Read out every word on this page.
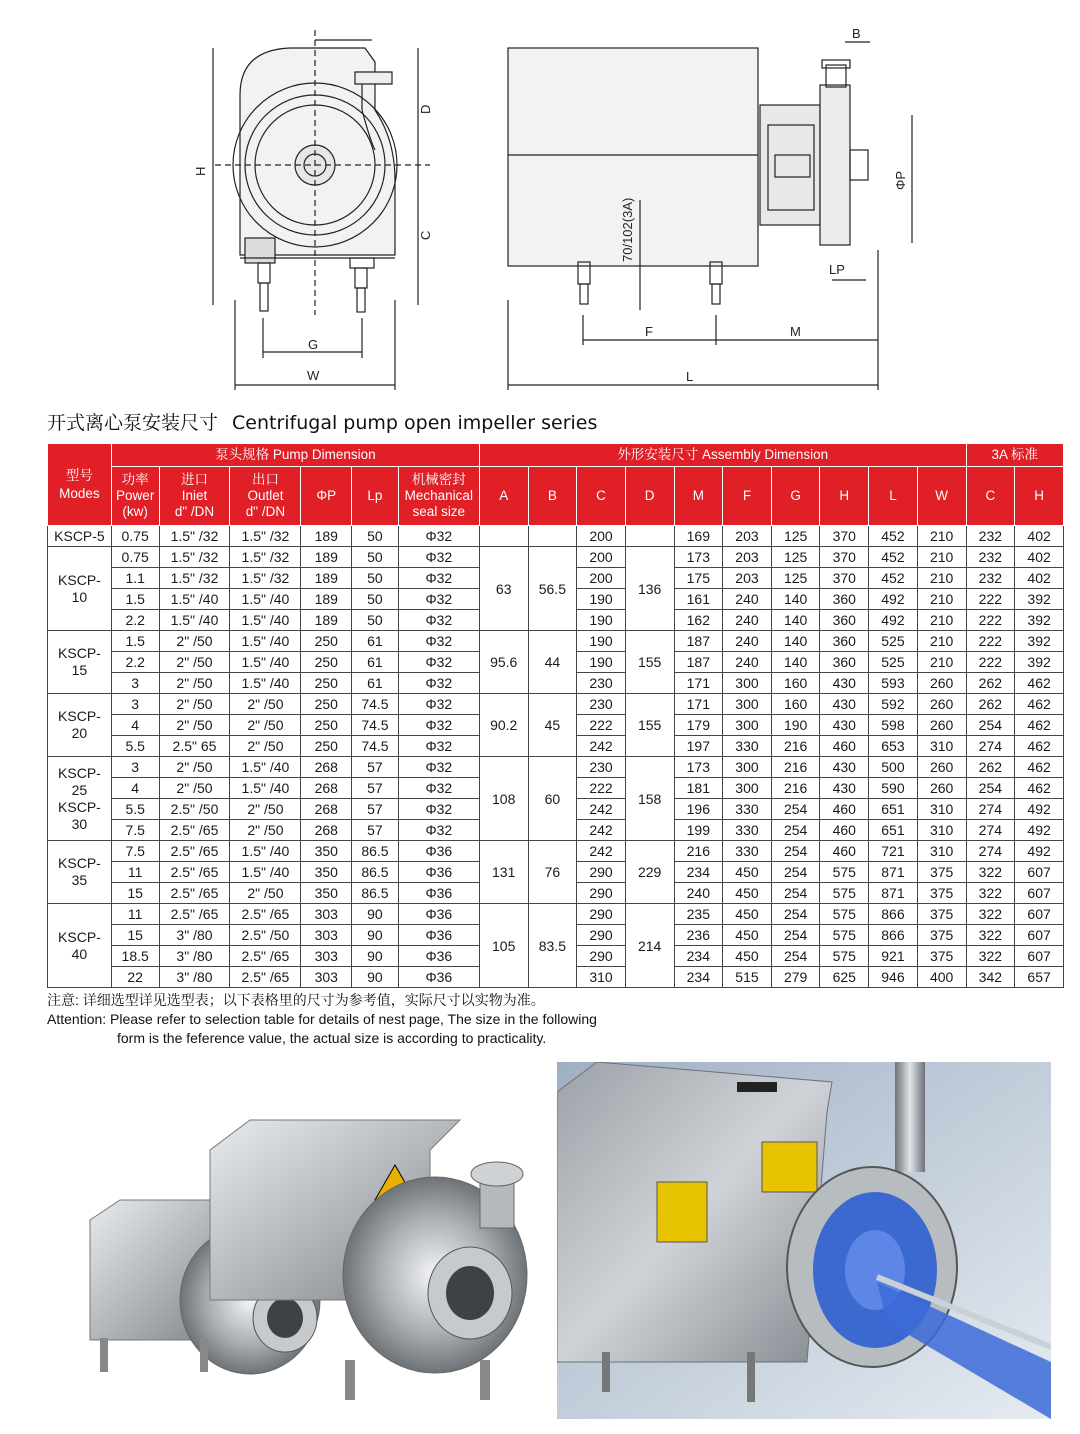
H
D
C
G
W
B
ΦP
LP
F	M
L
70/102(3A)
开式离心泵安装尺寸 Centrifugal pump open impeller series
型号
Modes	泵头规格 Pump Dimension						外形安装尺寸 Assembly Dimension										3A 标准	
	功率
Power
(kw)	进口
Iniet
d" /DN	出口
Outlet
d" /DN	ΦP	Lp	机械密封
Mechanical
seal size	A	B	C	D	M	F	G	H	L	W	C	H
KSCP-5	0.75	1.5" /32	1.5" /32	189	50	Φ32			200		169	203	125	370	452	210	232	402
KSCP-
10	0.75	1.5" /32	1.5" /32	189	50	Φ32	63	56.5	200	136	173	203	125	370	452	210	232	402
	1.1	1.5" /32	1.5" /32	189	50	Φ32			200		175	203	125	370	452	210	232	402
	1.5	1.5" /40	1.5" /40	189	50	Φ32			190		161	240	140	360	492	210	222	392
	2.2	1.5" /40	1.5" /40	189	50	Φ32			190		162	240	140	360	492	210	222	392
KSCP-
15	1.5	2" /50	1.5" /40	250	61	Φ32	95.6	44	190	155	187	240	140	360	525	210	222	392
	2.2	2" /50	1.5" /40	250	61	Φ32			190		187	240	140	360	525	210	222	392
	3	2" /50	1.5" /40	250	61	Φ32			230		171	300	160	430	593	260	262	462
KSCP-
20	3	2" /50	2" /50	250	74.5	Φ32	90.2	45	230	155	171	300	160	430	592	260	262	462
	4	2" /50	2" /50	250	74.5	Φ32			222		179	300	190	430	598	260	254	462
	5.5	2.5" 65	2" /50	250	74.5	Φ32			242		197	330	216	460	653	310	274	462
KSCP-
25
KSCP-
30	3	2" /50	1.5" /40	268	57	Φ32	108	60	230	158	173	300	216	430	500	260	262	462
	4	2" /50	1.5" /40	268	57	Φ32			222		181	300	216	430	590	260	254	462
	5.5	2.5" /50	2" /50	268	57	Φ32			242		196	330	254	460	651	310	274	492
	7.5	2.5" /65	2" /50	268	57	Φ32			242		199	330	254	460	651	310	274	492
KSCP-
35	7.5	2.5" /65	1.5" /40	350	86.5	Φ36	131	76	242	229	216	330	254	460	721	310	274	492
	11	2.5" /65	1.5" /40	350	86.5	Φ36			290		234	450	254	575	871	375	322	607
	15	2.5" /65	2" /50	350	86.5	Φ36			290		240	450	254	575	871	375	322	607
KSCP-
40	11	2.5" /65	2.5" /65	303	90	Φ36	105	83.5	290	214	235	450	254	575	866	375	322	607
	15	3" /80	2.5" /50	303	90	Φ36			290		236	450	254	575	866	375	322	607
	18.5	3" /80	2.5" /65	303	90	Φ36			290		234	450	254	575	921	375	322	607
	22	3" /80	2.5" /65	303	90	Φ36			310		234	515	279	625	946	400	342	657
注意: 详细选型详见选型表；以下表格里的尺寸为参考值，实际尺寸以实物为准。
Attention: Please refer to selection table for details of nest page, The size in the following
form is the feference value, the actual size is according to practicality.
